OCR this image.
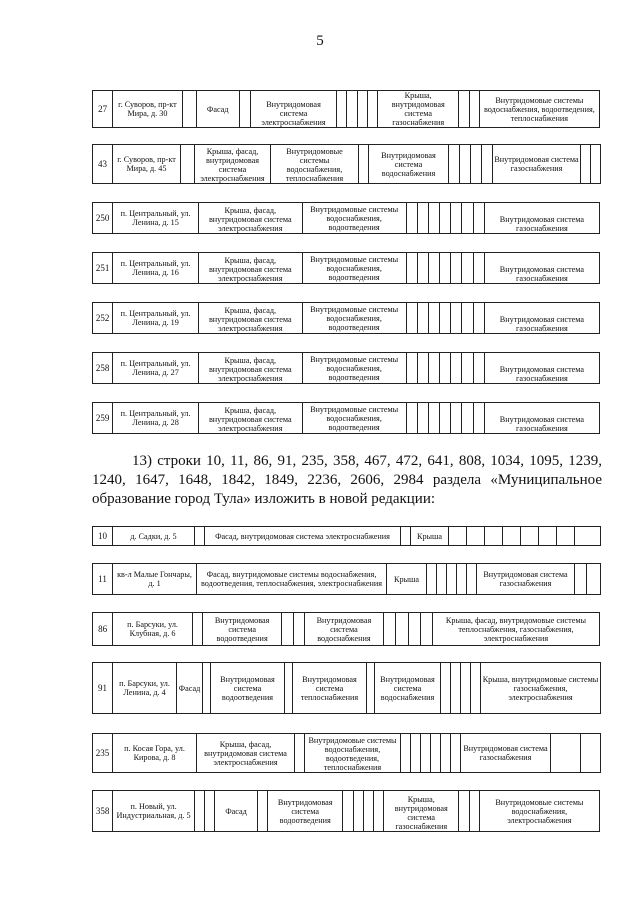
5
27	г. Суворов, пр-кт Мира, д. 30		Фасад		Внутридомовая система электроснабжения					Крыша, внутридомовая система газоснабжения			Внутридомовые системы водоснабжения, водоотведения, теплоснабжения
43	г. Суворов, пр-кт Мира, д. 45		Крыша, фасад, внутридомовая система электроснабжения	Внутридомовые системы водоснабжения, теплоснабжения		Внутридомовая система водоснабжения					Внутридомовая система газоснабжения		
250	п. Центральный, ул. Ленина, д. 15	Крыша, фасад, внутридомовая система электроснабжения	Внутридомовые системы водоснабжения, водоотведения								Внутридомовая система газоснабжения
251	п. Центральный, ул. Ленина, д. 16	Крыша, фасад, внутридомовая система электроснабжения	Внутридомовые системы водоснабжения, водоотведения								Внутридомовая система газоснабжения
252	п. Центральный, ул. Ленина, д. 19	Крыша, фасад, внутридомовая система электроснабжения	Внутридомовые системы водоснабжения, водоотведения								Внутридомовая система газоснабжения
258	п. Центральный, ул. Ленина, д. 27	Крыша, фасад, внутридомовая система электроснабжения	Внутридомовые системы водоснабжения, водоотведения								Внутридомовая система газоснабжения
259	п. Центральный, ул. Ленина, д. 28	Крыша, фасад, внутридомовая система электроснабжения	Внутридомовые системы водоснабжения, водоотведения								Внутридомовая система газоснабжения

13) строки 10, 11, 86, 91, 235, 358, 467, 472, 641, 808, 1034, 1095, 1239, 1240, 1647, 1648, 1842, 1849, 2236, 2606, 2984 раздела «Муниципальное образование город Тула» изложить в новой редакции:

10	д. Садки, д. 5		Фасад, внутридомовая система электроснабжения		Крыша								
11	кв-л Малые Гончары, д. 1	Фасад, внутридомовые системы водоснабжения, водоотведения, теплоснабжения, электроснабжения	Крыша						Внутридомовая система газоснабжения		
86	п. Барсуки, ул. Клубная, д. 6		Внутридомовая система водоотведения			Внутридомовая система водоснабжения					Крыша, фасад, внутридомовые системы теплоснабжения, газоснабжения, электроснабжения
91	п. Барсуки, ул. Ленина, д. 4	Фасад		Внутридомовая система водоотведения		Внутридомовая система теплоснабжения		Внутридомовая система водоснабжения					Крыша, внутридомовые системы газоснабжения, электроснабжения
235	п. Косая Гора, ул. Кирова, д. 8	Крыша, фасад, внутридомовая система электроснабжения		Внутридомовые системы водоснабжения, водоотведения, теплоснабжения							Внутридомовая система газоснабжения		
358	п. Новый, ул. Индустриальная, д. 5			Фасад		Внутридомовая система водоотведения					Крыша, внутридомовая система газоснабжения			Внутридомовые системы водоснабжения, электроснабжения
